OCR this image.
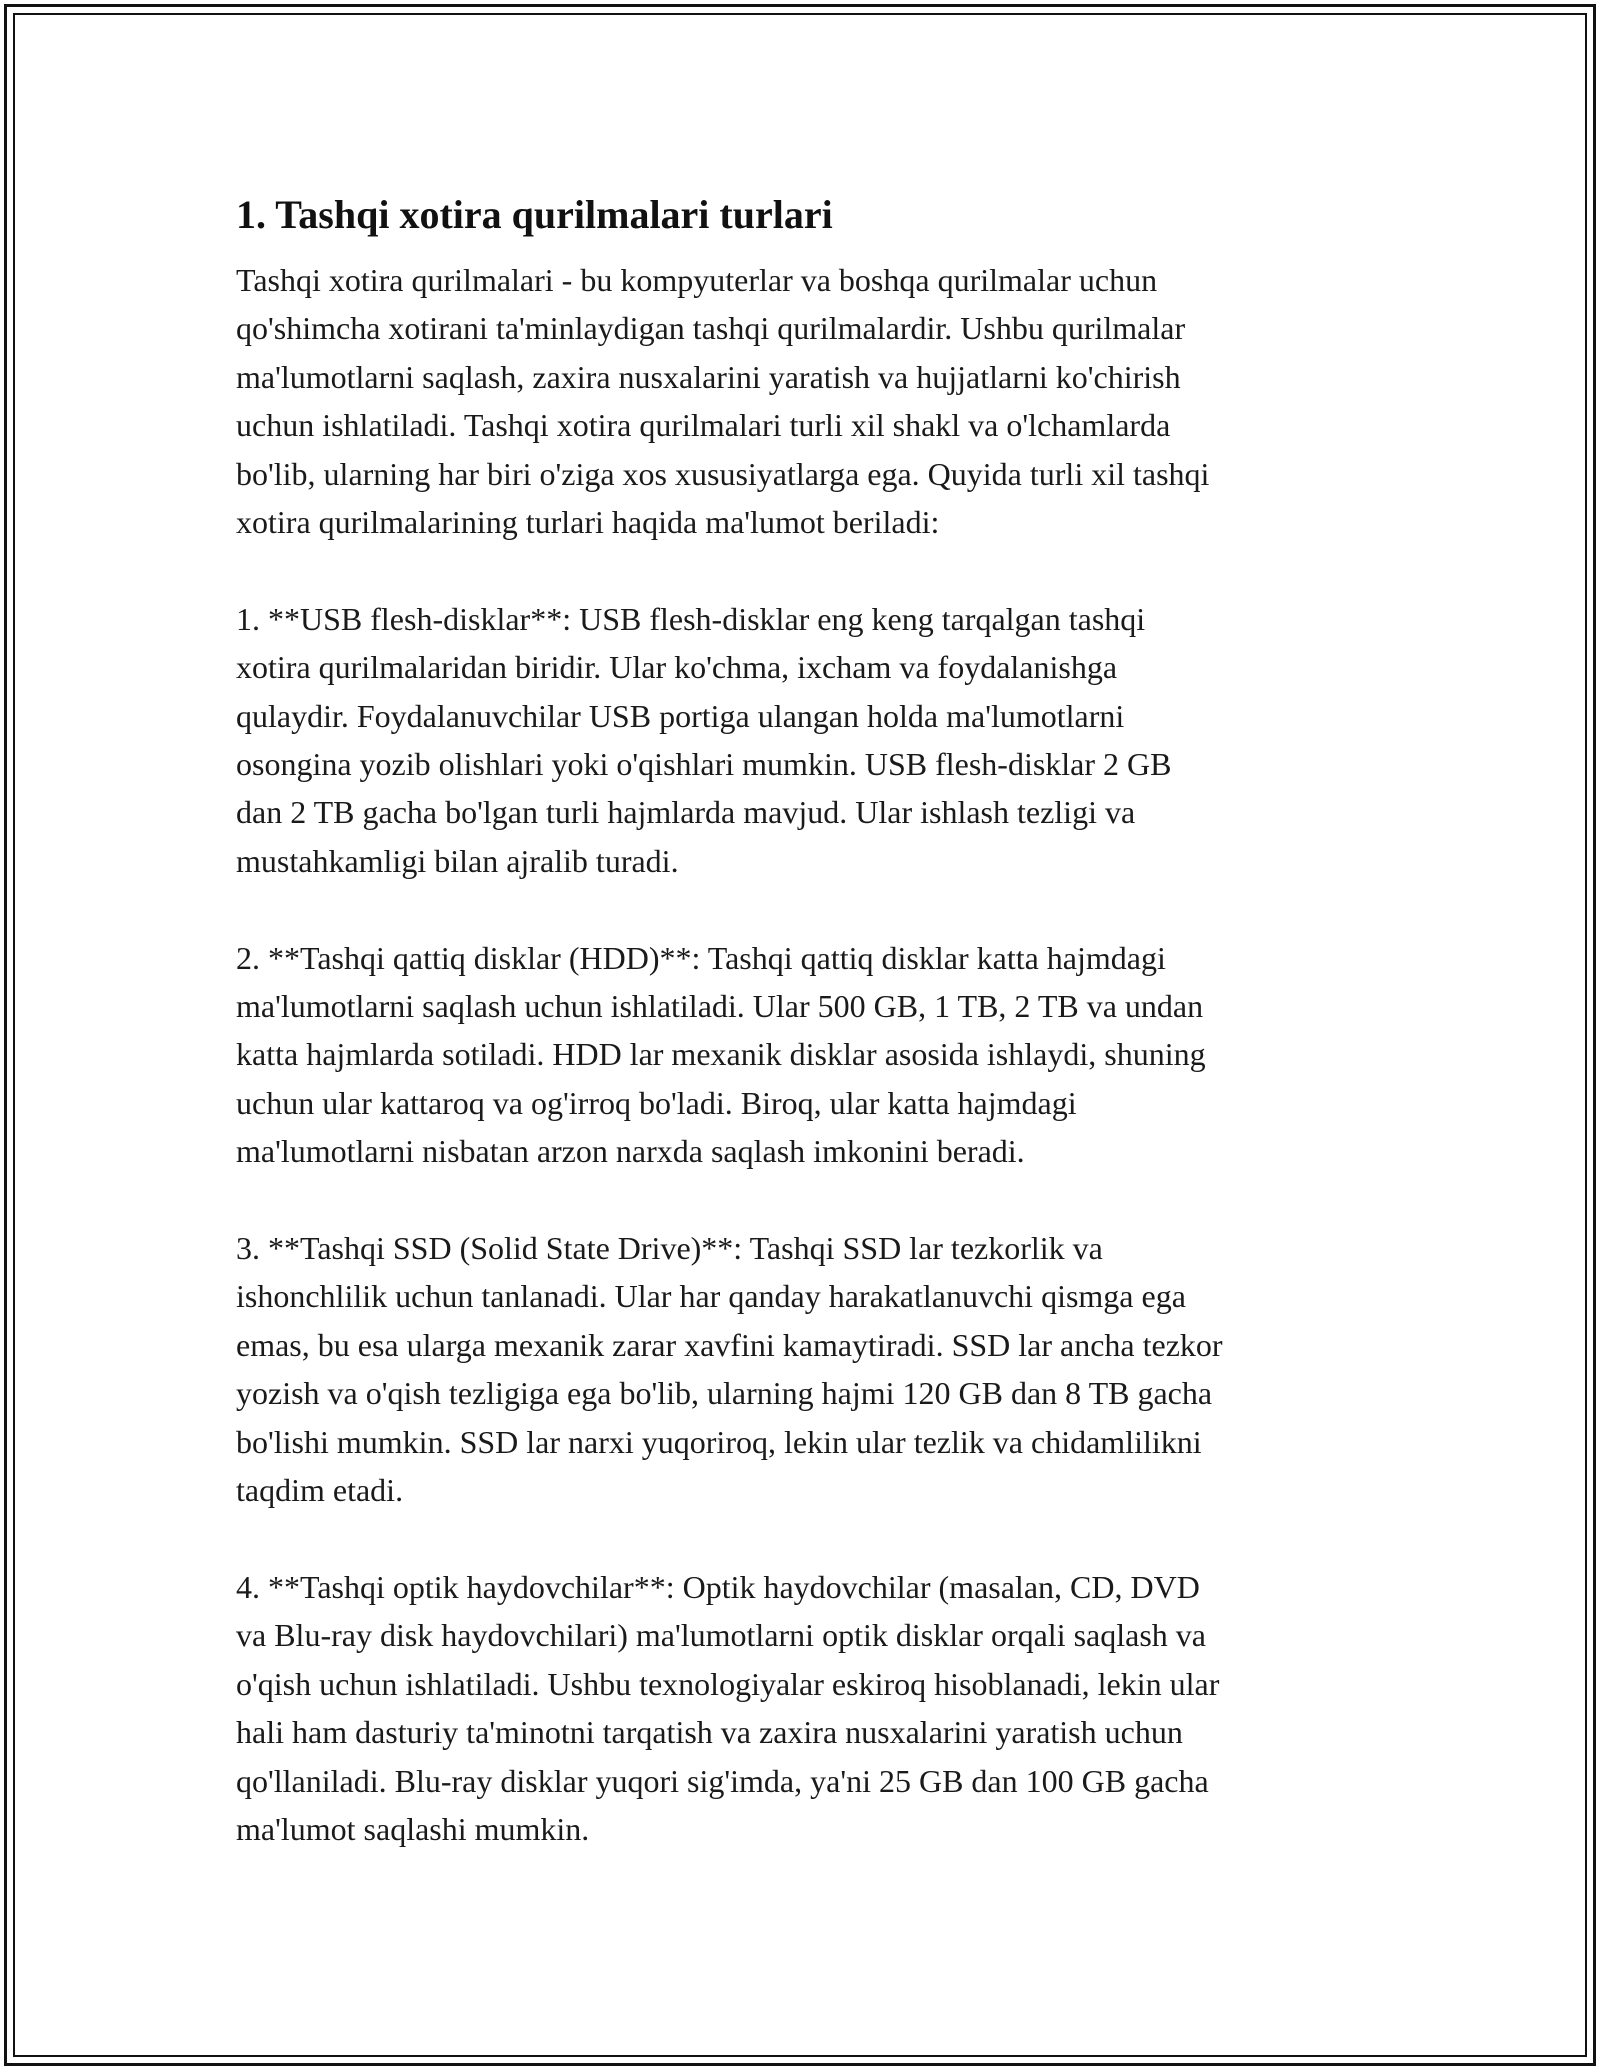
1. Tashqi xotira qurilmalari turlari
Tashqi xotira qurilmalari - bu kompyuterlar va boshqa qurilmalar uchun
qo'shimcha xotirani ta'minlaydigan tashqi qurilmalardir. Ushbu qurilmalar
ma'lumotlarni saqlash, zaxira nusxalarini yaratish va hujjatlarni ko'chirish
uchun ishlatiladi. Tashqi xotira qurilmalari turli xil shakl va o'lchamlarda
bo'lib, ularning har biri o'ziga xos xususiyatlarga ega. Quyida turli xil tashqi
xotira qurilmalarining turlari haqida ma'lumot beriladi:
1. **USB flesh-disklar**: USB flesh-disklar eng keng tarqalgan tashqi
xotira qurilmalaridan biridir. Ular ko'chma, ixcham va foydalanishga
qulaydir. Foydalanuvchilar USB portiga ulangan holda ma'lumotlarni
osongina yozib olishlari yoki o'qishlari mumkin. USB flesh-disklar 2 GB
dan 2 TB gacha bo'lgan turli hajmlarda mavjud. Ular ishlash tezligi va
mustahkamligi bilan ajralib turadi.
2. **Tashqi qattiq disklar (HDD)**: Tashqi qattiq disklar katta hajmdagi
ma'lumotlarni saqlash uchun ishlatiladi. Ular 500 GB, 1 TB, 2 TB va undan
katta hajmlarda sotiladi. HDD lar mexanik disklar asosida ishlaydi, shuning
uchun ular kattaroq va og'irroq bo'ladi. Biroq, ular katta hajmdagi
ma'lumotlarni nisbatan arzon narxda saqlash imkonini beradi.
3. **Tashqi SSD (Solid State Drive)**: Tashqi SSD lar tezkorlik va
ishonchlilik uchun tanlanadi. Ular har qanday harakatlanuvchi qismga ega
emas, bu esa ularga mexanik zarar xavfini kamaytiradi. SSD lar ancha tezkor
yozish va o'qish tezligiga ega bo'lib, ularning hajmi 120 GB dan 8 TB gacha
bo'lishi mumkin. SSD lar narxi yuqoriroq, lekin ular tezlik va chidamlilikni
taqdim etadi.
4. **Tashqi optik haydovchilar**: Optik haydovchilar (masalan, CD, DVD
va Blu-ray disk haydovchilari) ma'lumotlarni optik disklar orqali saqlash va
o'qish uchun ishlatiladi. Ushbu texnologiyalar eskiroq hisoblanadi, lekin ular
hali ham dasturiy ta'minotni tarqatish va zaxira nusxalarini yaratish uchun
qo'llaniladi. Blu-ray disklar yuqori sig'imda, ya'ni 25 GB dan 100 GB gacha
ma'lumot saqlashi mumkin.
